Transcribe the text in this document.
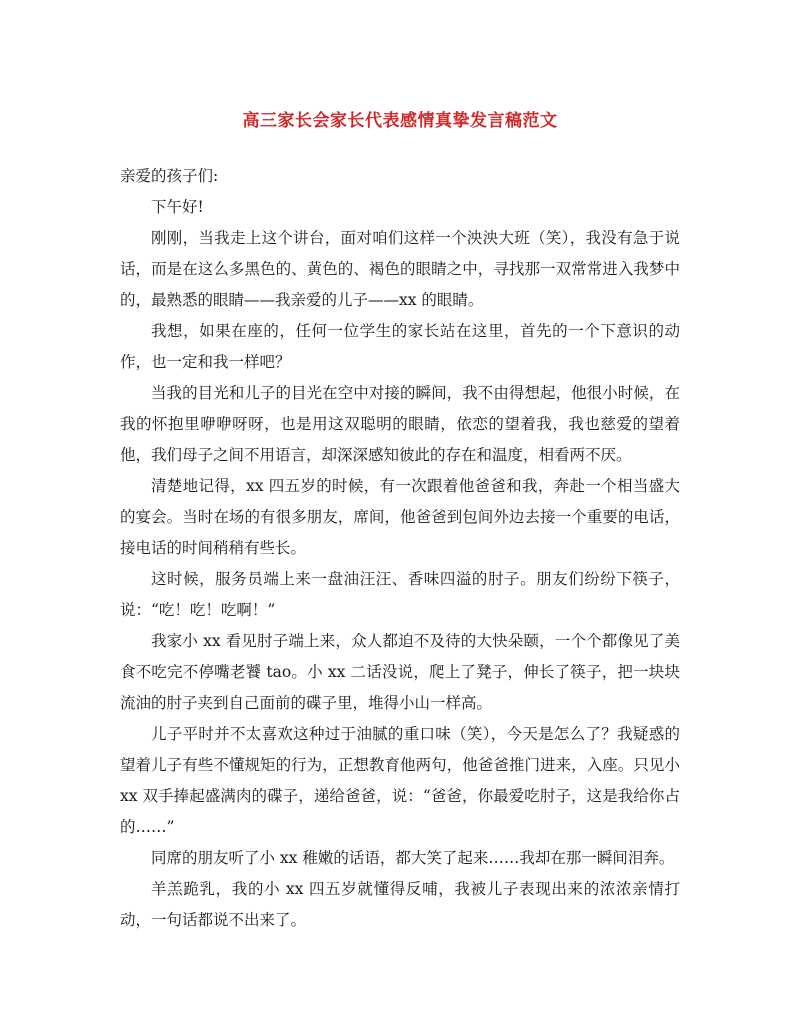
高三家长会家长代表感情真挚发言稿范文

亲爱的孩子们:

下午好!

刚刚，当我走上这个讲台，面对咱们这样一个泱泱大班（笑），我没有急于说话，而是在这么多黑色的、黄色的、褐色的眼睛之中，寻找那一双常常进入我梦中的，最熟悉的眼睛——我亲爱的儿子——xx 的眼睛。

我想，如果在座的，任何一位学生的家长站在这里，首先的一个下意识的动作，也一定和我一样吧？

当我的目光和儿子的目光在空中对接的瞬间，我不由得想起，他很小时候，在我的怀抱里咿咿呀呀，也是用这双聪明的眼睛，依恋的望着我，我也慈爱的望着他，我们母子之间不用语言，却深深感知彼此的存在和温度，相看两不厌。

清楚地记得，xx 四五岁的时候，有一次跟着他爸爸和我，奔赴一个相当盛大的宴会。当时在场的有很多朋友，席间，他爸爸到包间外边去接一个重要的电话，接电话的时间稍稍有些长。

这时候，服务员端上来一盘油汪汪、香味四溢的肘子。朋友们纷纷下筷子，说：“吃！吃！吃啊！”

我家小 xx 看见肘子端上来，众人都迫不及待的大快朵颐，一个个都像见了美食不吃完不停嘴老饕 tao。小 xx 二话没说，爬上了凳子，伸长了筷子，把一块块流油的肘子夹到自己面前的碟子里，堆得小山一样高。

儿子平时并不太喜欢这种过于油腻的重口味（笑），今天是怎么了？我疑惑的望着儿子有些不懂规矩的行为，正想教育他两句，他爸爸推门进来，入座。只见小 xx 双手捧起盛满肉的碟子，递给爸爸，说：“爸爸，你最爱吃肘子，这是我给你占的……”

同席的朋友听了小 xx 稚嫩的话语，都大笑了起来……我却在那一瞬间泪奔。

羊羔跪乳，我的小 xx 四五岁就懂得反哺，我被儿子表现出来的浓浓亲情打动，一句话都说不出来了。
